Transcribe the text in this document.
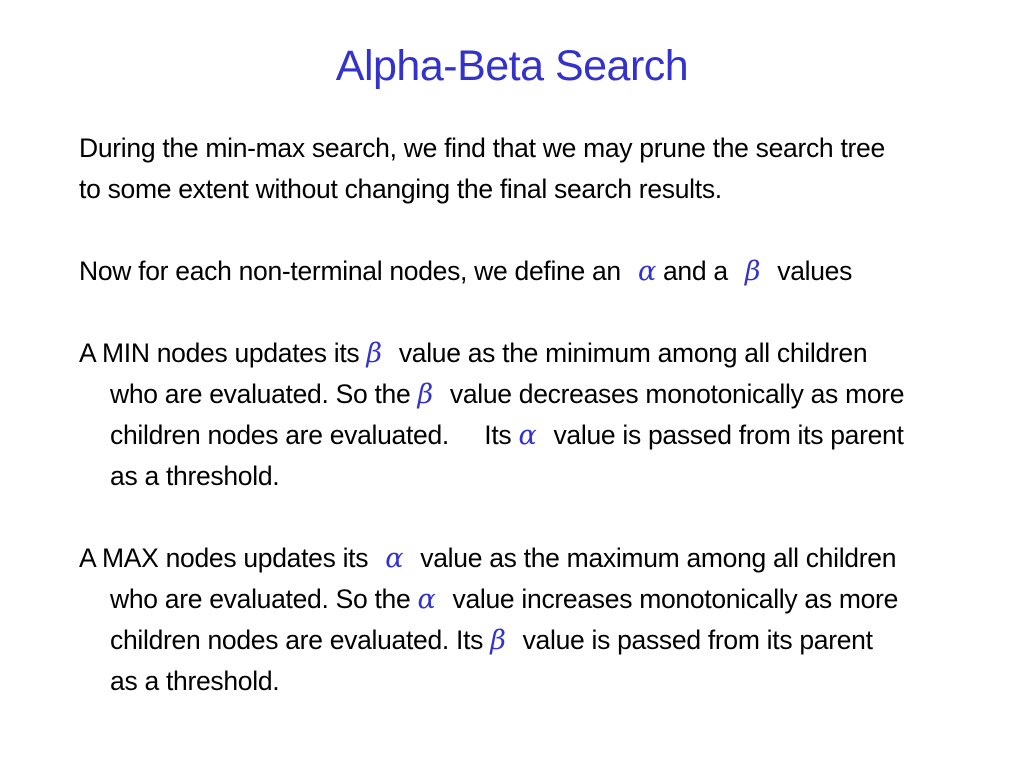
Alpha-Beta Search
During the min-max search, we find that we may prune the search tree
to some extent without changing the final search results.
Now for each non-terminal nodes, we define an α and a β values
A MIN nodes updates its β value as the minimum among all children
who are evaluated. So the β value decreases monotonically as more
children nodes are evaluated.     Its α value is passed from its parent
as a threshold.
A MAX nodes updates its α value as the maximum among all children
who are evaluated. So the α value increases monotonically as more
children nodes are evaluated. Its β value is passed from its parent
as a threshold.
